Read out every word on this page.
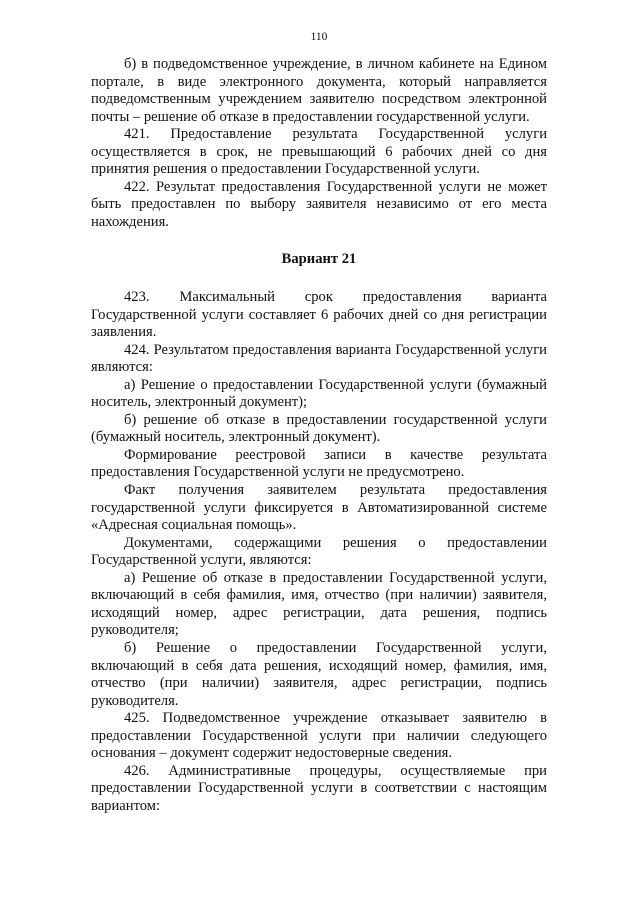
110

б) в подведомственное учреждение, в личном кабинете на Едином портале, в виде электронного документа, который направляется подведомственным учреждением заявителю посредством электронной почты – решение об отказе в предоставлении государственной услуги.

421. Предоставление результата Государственной услуги осуществляется в срок, не превышающий 6 рабочих дней со дня принятия решения о предоставлении Государственной услуги.

422. Результат предоставления Государственной услуги не может быть предоставлен по выбору заявителя независимо от его места нахождения.

Вариант 21

423. Максимальный срок предоставления варианта Государственной услуги составляет 6 рабочих дней со дня регистрации заявления.

424. Результатом предоставления варианта Государственной услуги являются:

а) Решение о предоставлении Государственной услуги (бумажный носитель, электронный документ);

б) решение об отказе в предоставлении государственной услуги (бумажный носитель, электронный документ).

Формирование реестровой записи в качестве результата предоставления Государственной услуги не предусмотрено.

Факт получения заявителем результата предоставления государственной услуги фиксируется в Автоматизированной системе «Адресная социальная помощь».

Документами, содержащими решения о предоставлении Государственной услуги, являются:

а) Решение об отказе в предоставлении Государственной услуги, включающий в себя фамилия, имя, отчество (при наличии) заявителя, исходящий номер, адрес регистрации, дата решения, подпись руководителя;

б) Решение о предоставлении Государственной услуги, включающий в себя дата решения, исходящий номер, фамилия, имя, отчество (при наличии) заявителя, адрес регистрации, подпись руководителя.

425. Подведомственное учреждение отказывает заявителю в предоставлении Государственной услуги при наличии следующего основания – документ содержит недостоверные сведения.

426. Административные процедуры, осуществляемые при предоставлении Государственной услуги в соответствии с настоящим вариантом:
